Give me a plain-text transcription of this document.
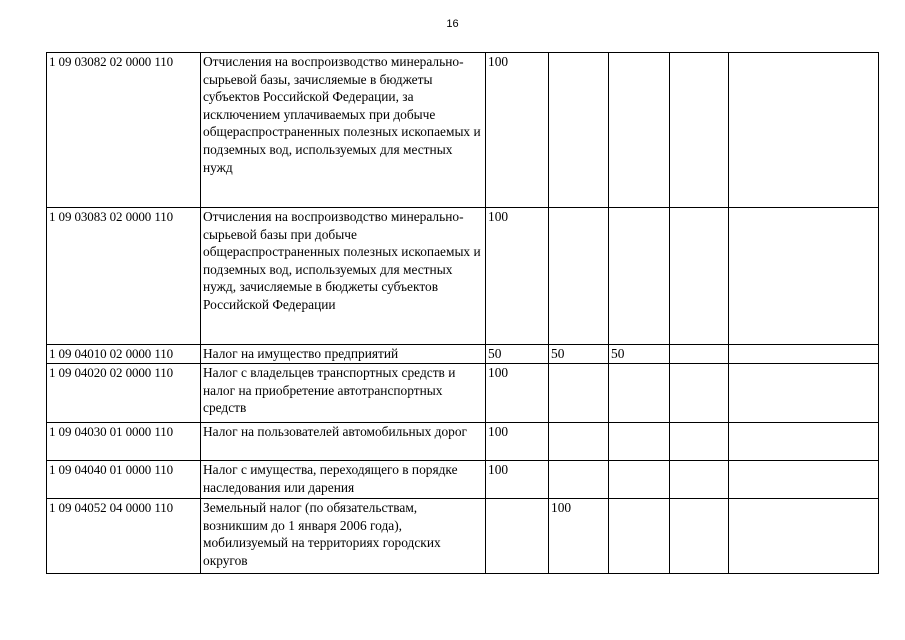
16
1 09 03082 02 0000 110	Отчисления на воспроизводство минерально-сырьевой базы, зачисляемые в бюджеты субъектов Российской Федерации, за исключением уплачиваемых при добыче общераспространенных полезных ископаемых и подземных вод, используемых для местных нужд	100				
1 09 03083 02 0000 110	Отчисления на воспроизводство минерально-сырьевой базы при добыче общераспространенных полезных ископаемых и подземных вод, используемых для местных нужд, зачисляемые в бюджеты субъектов Российской Федерации	100				
1 09 04010 02 0000 110	Налог на имущество предприятий	50	50	50		
1 09 04020 02 0000 110	Налог с владельцев транспортных средств и налог на приобретение автотранспортных средств	100				
1 09 04030 01 0000 110	Налог на пользователей автомобильных дорог	100				
1 09 04040 01 0000 110	Налог с имущества, переходящего в порядке наследования или дарения	100				
1 09 04052 04 0000 110	Земельный налог (по обязательствам, возникшим до 1 января 2006 года), мобилизуемый на территориях городских округов		100			
